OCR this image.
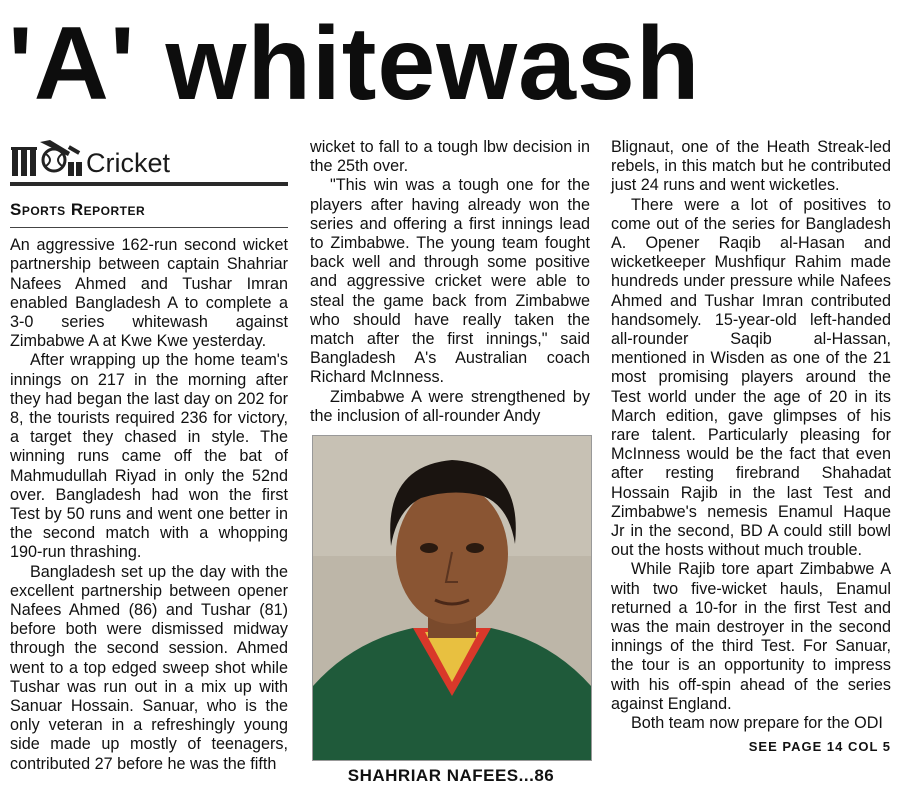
'A' whitewash
Cricket
Sports Reporter

An aggressive 162-run second wicket partnership between captain Shahriar Nafees Ahmed and Tushar Imran enabled Bangladesh A to complete a 3-0 series whitewash against Zimbabwe A at Kwe Kwe yesterday.

After wrapping up the home team's innings on 217 in the morning after they had began the last day on 202 for 8, the tourists required 236 for victory, a target they chased in style. The winning runs came off the bat of Mahmudullah Riyad in only the 52nd over. Bangladesh had won the first Test by 50 runs and went one better in the second match with a whopping 190-run thrashing.

Bangladesh set up the day with the excellent partnership between opener Nafees Ahmed (86) and Tushar (81) before both were dismissed midway through the second session. Ahmed went to a top edged sweep shot while Tushar was run out in a mix up with Sanuar Hossain. Sanuar, who is the only veteran in a refreshingly young side made up mostly of teenagers, contributed 27 before he was the fifth

wicket to fall to a tough lbw decision in the 25th over.

"This win was a tough one for the players after having already won the series and offering a first innings lead to Zimbabwe. The young team fought back well and through some positive and aggressive cricket were able to steal the game back from Zimbabwe who should have really taken the match after the first innings," said Bangladesh A's Australian coach Richard McInness.

Zimbabwe A were strengthened by the inclusion of all-rounder Andy

SHAHRIAR NAFEES...86

Blignaut, one of the Heath Streak-led rebels, in this match but he contributed just 24 runs and went wicketles.

There were a lot of positives to come out of the series for Bangladesh A. Opener Raqib al-Hasan and wicketkeeper Mushfiqur Rahim made hundreds under pressure while Nafees Ahmed and Tushar Imran contributed handsomely. 15-year-old left-handed all-rounder Saqib al-Hassan, mentioned in Wisden as one of the 21 most promising players around the Test world under the age of 20 in its March edition, gave glimpses of his rare talent. Particularly pleasing for McInness would be the fact that even after resting firebrand Shahadat Hossain Rajib in the last Test and Zimbabwe's nemesis Enamul Haque Jr in the second, BD A could still bowl out the hosts without much trouble.

While Rajib tore apart Zimbabwe A with two five-wicket hauls, Enamul returned a 10-for in the first Test and was the main destroyer in the second innings of the third Test. For Sanuar, the tour is an opportunity to impress with his off-spin ahead of the series against England.

Both team now prepare for the ODI

SEE PAGE 14 COL 5
